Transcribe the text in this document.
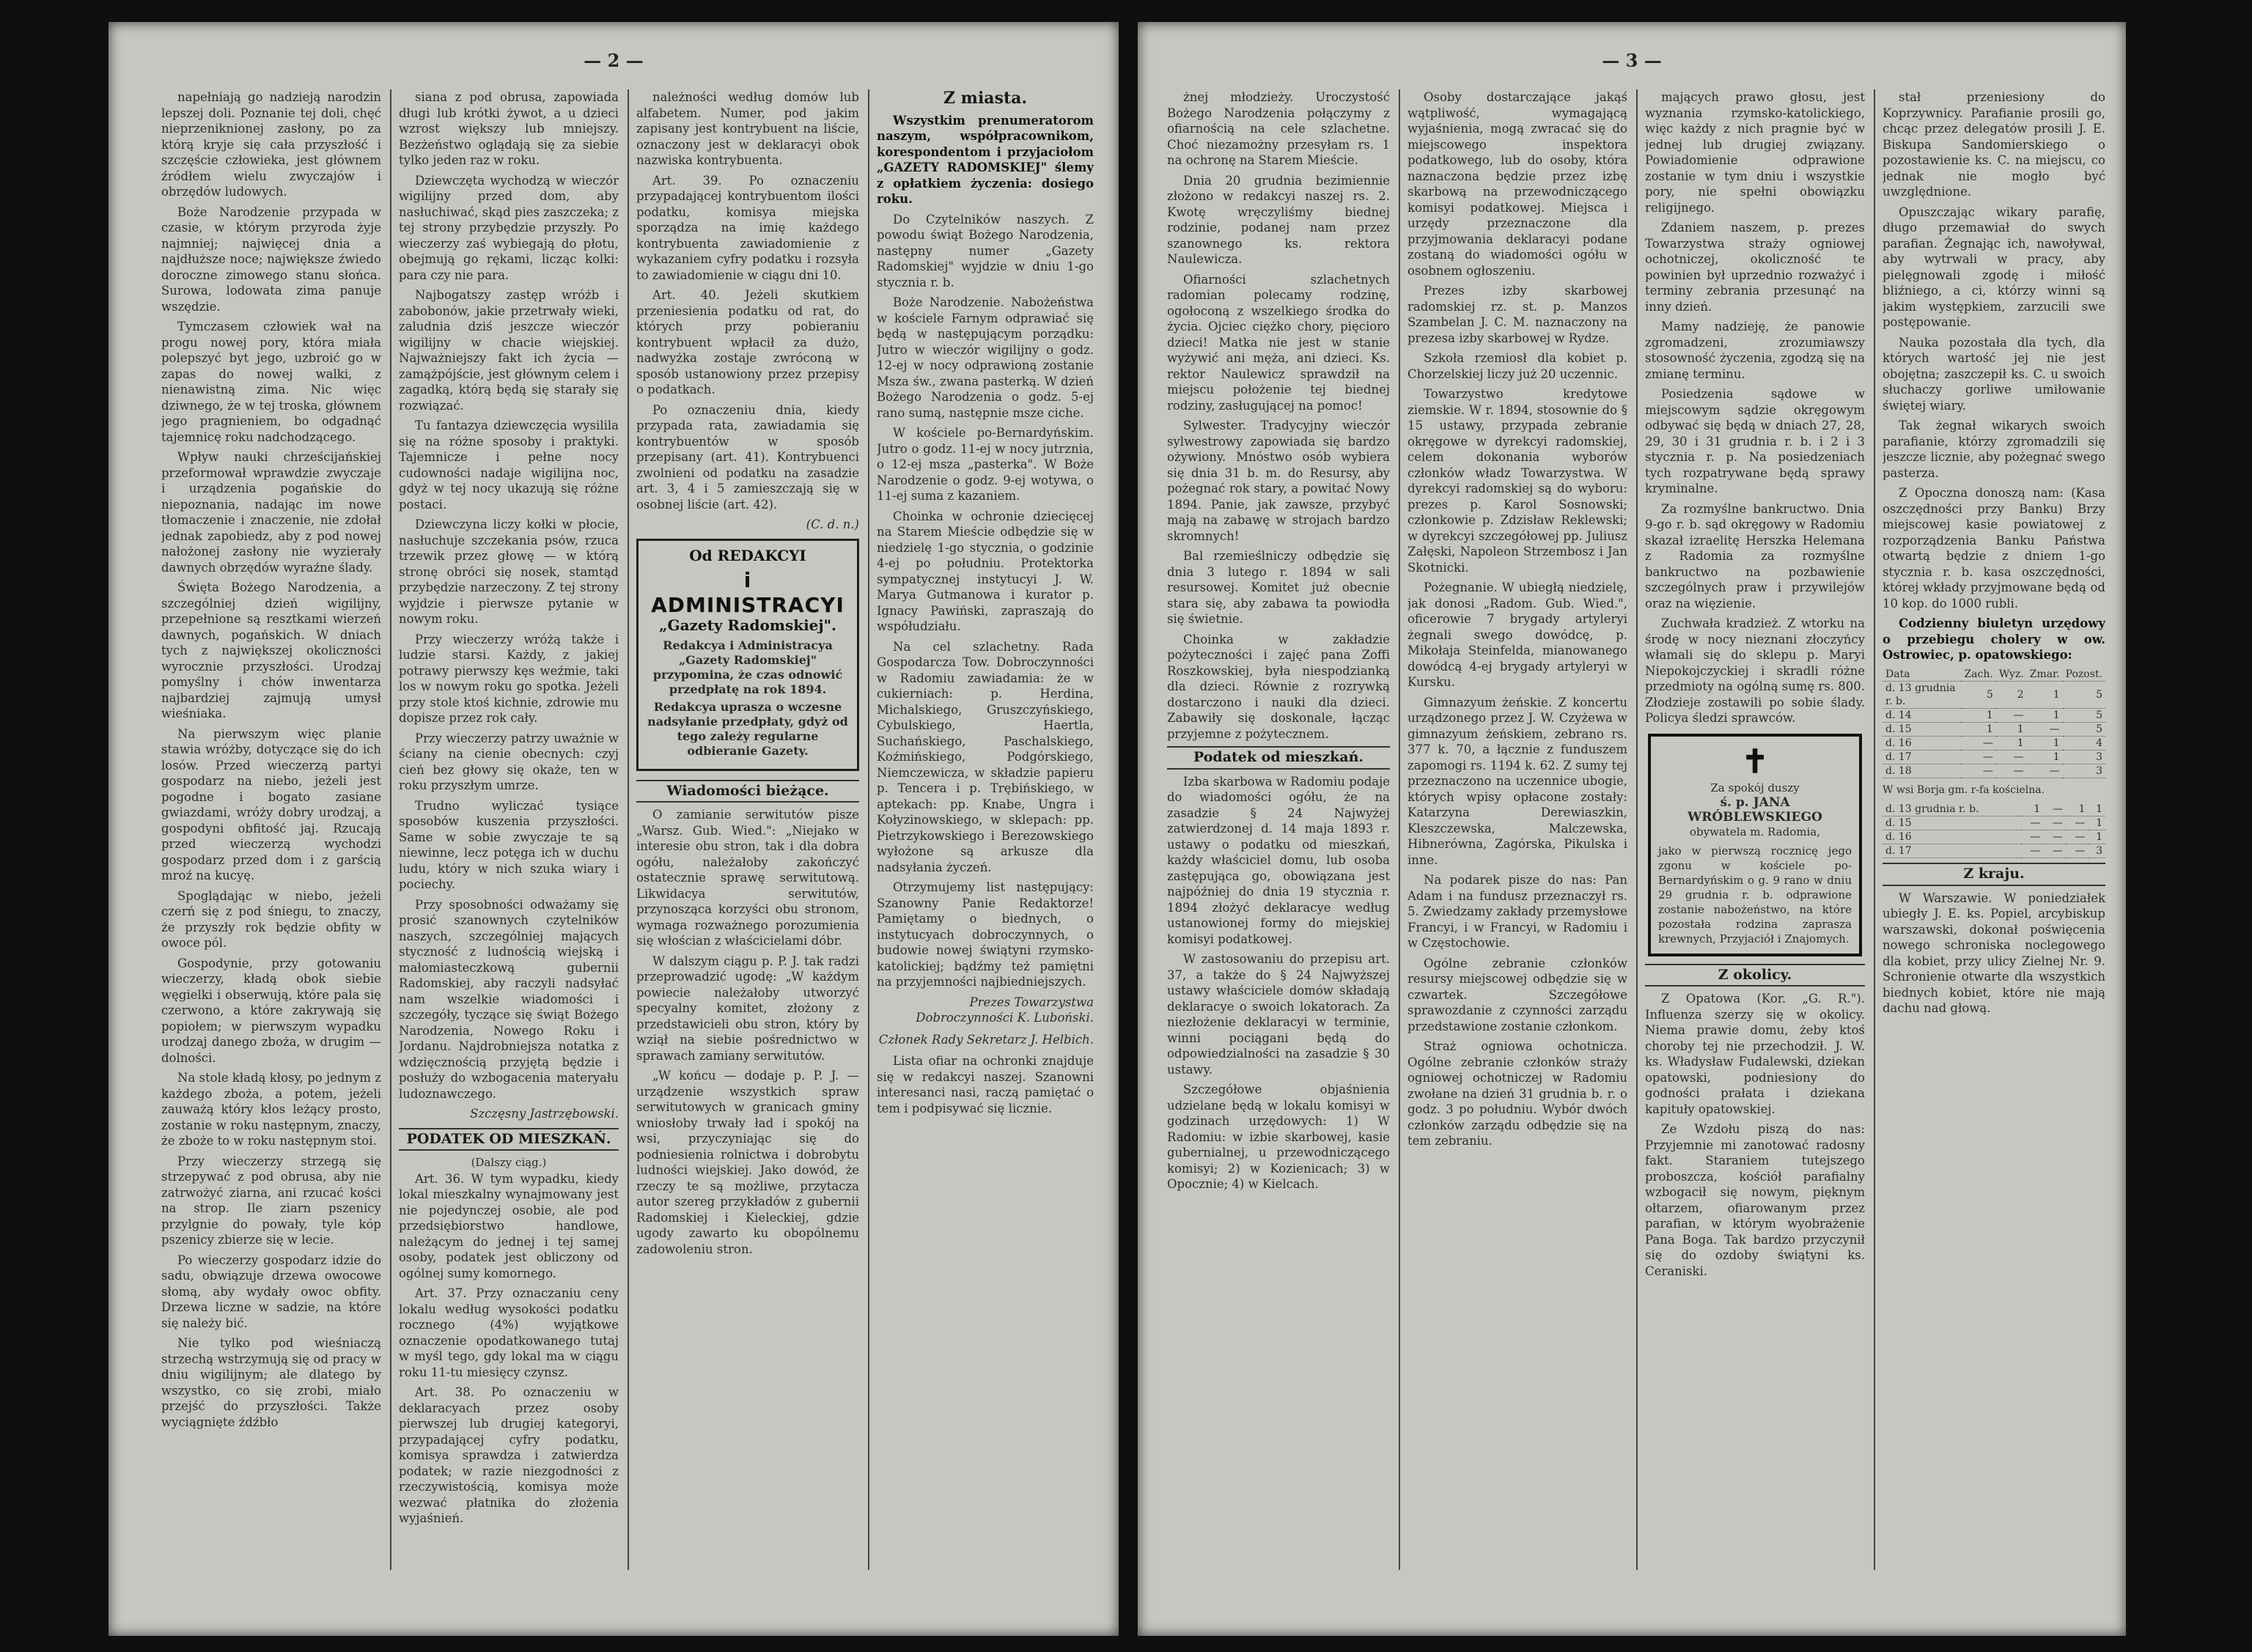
— 2 —

napełniają go nadzieją narodzin lepszej doli. Poznanie tej doli, chęć nieprzeniknionej zasłony, po za którą kryje się cała przyszłość i szczęście człowieka, jest głównem źródłem wielu zwyczajów i obrzędów ludowych.

Boże Narodzenie przypada w czasie, w którym przyroda żyje najmniej; najwięcej dnia a najdłuższe noce; największe źwiedo doroczne zimowego stanu słońca. Surowa, lodowata zima panuje wszędzie.

Tymczasem człowiek wał na progu nowej pory, która miała polepszyć byt jego, uzbroić go w zapas do nowej walki, z nienawistną zima. Nic więc dziwnego, że w tej troska, głównem jego pragnieniem, bo odgadnąć tajemnicę roku nadchodzącego.

Wpływ nauki chrześcijańskiej przeformował wprawdzie zwyczaje i urządzenia pogańskie do niepoznania, nadając im nowe tłomaczenie i znaczenie, nie zdołał jednak zapobiedz, aby z pod nowej nałożonej zasłony nie wyzierały dawnych obrzędów wyraźne ślady.

Święta Bożego Narodzenia, a szczególniej dzień wigilijny, przepełnione są resztkami wierzeń dawnych, pogańskich. W dniach tych z największej okoliczności wyrocznie przyszłości. Urodzaj pomyślny i chów inwentarza najbardziej zajmują umysł wieśniaka.

Na pierwszym więc planie stawia wróżby, dotyczące się do ich losów. Przed wieczerzą partyi gospodarz na niebo, jeżeli jest pogodne i bogato zasiane gwiazdami, wróży dobry urodzaj, a gospodyni obfitość jaj. Rzucają przed wieczerzą wychodzi gospodarz przed dom i z garścią mroź na kucyę.

Spoglądając w niebo, jeżeli czerń się z pod śniegu, to znaczy, że przyszły rok będzie obfity w owoce pól.

Gospodynie, przy gotowaniu wieczerzy, kładą obok siebie węgielki i obserwują, które pala się czerwono, a które zakrywają się popiołem; w pierwszym wypadku urodzaj danego zboża, w drugim — dolności.

Na stole kładą kłosy, po jednym z każdego zboża, a potem, jeżeli zauważą który kłos leżący prosto, zostanie w roku następnym, znaczy, że zboże to w roku następnym stoi.

Przy wieczerzy strzegą się strzepywać z pod obrusa, aby nie zatrwożyć ziarna, ani rzucać kości na strop. Ile ziarn pszenicy przylgnie do powały, tyle kóp pszenicy zbierze się w lecie.

Po wieczerzy gospodarz idzie do sadu, obwiązuje drzewa owocowe słomą, aby wydały owoc obfity. Drzewa liczne w sadzie, na które się należy bić.

Nie tylko pod wieśniaczą strzechą wstrzymują się od pracy w dniu wigilijnym; ale dlatego by wszystko, co się zrobi, miało przejść do przyszłości. Także wyciągnięte źdźbło

siana z pod obrusa, zapowiada długi lub krótki żywot, a u dzieci wzrost większy lub mniejszy. Bezżeństwo oglądają się za siebie tylko jeden raz w roku.

Dziewczęta wychodzą w wieczór wigilijny przed dom, aby nasłuchiwać, skąd pies zaszczeka; z tej strony przybędzie przyszły. Po wieczerzy zaś wybiegają do płotu, obejmują go rękami, licząc kolki: para czy nie para.

Najbogatszy zastęp wróżb i zabobonów, jakie przetrwały wieki, zaludnia dziś jeszcze wieczór wigilijny w chacie wiejskiej. Najważniejszy fakt ich życia — zamążpójście, jest głównym celem i zagadką, którą będą się starały się rozwiązać.

Tu fantazya dziewczęcia wysilila się na różne sposoby i praktyki. Tajemnicze i pełne nocy cudowności nadaje wigilijna noc, gdyż w tej nocy ukazują się różne postaci.

Dziewczyna liczy kołki w płocie, nasłuchuje szczekania psów, rzuca trzewik przez głowę — w którą stronę obróci się nosek, stamtąd przybędzie narzeczony. Z tej strony wyjdzie i pierwsze pytanie w nowym roku.

Przy wieczerzy wróżą także i ludzie starsi. Każdy, z jakiej potrawy pierwszy kęs weźmie, taki los w nowym roku go spotka. Jeżeli przy stole ktoś kichnie, zdrowie mu dopisze przez rok cały.

Przy wieczerzy patrzy uważnie w ściany na cienie obecnych: czyj cień bez głowy się okaże, ten w roku przyszłym umrze.

Trudno wyliczać tysiące sposobów kuszenia przyszłości. Same w sobie zwyczaje te są niewinne, lecz potęga ich w duchu ludu, który w nich szuka wiary i pociechy.

Przy sposobności odważamy się prosić szanownych czytelników naszych, szczególniej mających styczność z ludnością wiejską i małomiasteczkową gubernii Radomskiej, aby raczyli nadsyłać nam wszelkie wiadomości i szczegóły, tyczące się świąt Bożego Narodzenia, Nowego Roku i Jordanu. Najdrobniejsza notatka z wdzięcznością przyjętą będzie i posłuży do wzbogacenia materyału ludoznawczego.

Szczęsny Jastrzębowski.
PODATEK OD MIESZKAŃ.
(Dalszy ciąg.)

Art. 36. W tym wypadku, kiedy lokal mieszkalny wynajmowany jest nie pojedynczej osobie, ale pod przedsiębiorstwo handlowe, należącym do jednej i tej samej osoby, podatek jest obliczony od ogólnej sumy komornego.

Art. 37. Przy oznaczaniu ceny lokalu według wysokości podatku rocznego (4%) wyjątkowe oznaczenie opodatkowanego tutaj w myśl tego, gdy lokal ma w ciągu roku 11-tu miesięcy czynsz.

Art. 38. Po oznaczeniu w deklaracyach przez osoby pierwszej lub drugiej kategoryi, przypadającej cyfry podatku, komisya sprawdza i zatwierdza podatek; w razie niezgodności z rzeczywistością, komisya może wezwać płatnika do złożenia wyjaśnień.

należności według domów lub alfabetem. Numer, pod jakim zapisany jest kontrybuent na liście, oznaczony jest w deklaracyi obok nazwiska kontrybuenta.

Art. 39. Po oznaczeniu przypadającej kontrybuentom ilości podatku, komisya miejska sporządza na imię każdego kontrybuenta zawiadomienie z wykazaniem cyfry podatku i rozsyła to zawiadomienie w ciągu dni 10.

Art. 40. Jeżeli skutkiem przeniesienia podatku od rat, do których przy pobieraniu kontrybuent wpłacił za dużo, nadwyżka zostaje zwróconą w sposób ustanowiony przez przepisy o podatkach.

Po oznaczeniu dnia, kiedy przypada rata, zawiadamia się kontrybuentów w sposób przepisany (art. 41). Kontrybuenci zwolnieni od podatku na zasadzie art. 3, 4 i 5 zamieszczają się w osobnej liście (art. 42).

(C. d. n.)
Od REDAKCYI
i ADMINISTRACYI
„Gazety Radomskiej".

Redakcya i Administracya „Gazety Radomskiej" przypomina, że czas odnowić przedpłatę na rok 1894.

Redakcya uprasza o wczesne nadsyłanie przedpłaty, gdyż od tego zależy regularne odbieranie Gazety.

Wiadomości bieżące.

O zamianie serwitutów pisze „Warsz. Gub. Wied.": „Niejako w interesie obu stron, tak i dla dobra ogółu, należałoby zakończyć ostatecznie sprawę serwitutową. Likwidacya serwitutów, przynosząca korzyści obu stronom, wymaga rozważnego porozumienia się włościan z właścicielami dóbr.

W dalszym ciągu p. P. J. tak radzi przeprowadzić ugodę: „W każdym powiecie należałoby utworzyć specyalny komitet, złożony z przedstawicieli obu stron, który by wziął na siebie pośrednictwo w sprawach zamiany serwitutów.

„W końcu — dodaje p. P. J. — urządzenie wszystkich spraw serwitutowych w granicach gminy wniosłoby trwały ład i spokój na wsi, przyczyniając się do podniesienia rolnictwa i dobrobytu ludności wiejskiej. Jako dowód, że rzeczy te są możliwe, przytacza autor szereg przykładów z gubernii Radomskiej i Kieleckiej, gdzie ugody zawarto ku obopólnemu zadowoleniu stron.

Z miasta.

Wszystkim prenumeratorom naszym, współpracownikom, korespondentom i przyjaciołom „GAZETY RADOMSKIEJ" ślemy z opłatkiem życzenia: dosiego roku.

Do Czytelników naszych. Z powodu świąt Bożego Narodzenia, następny numer „Gazety Radomskiej" wyjdzie w dniu 1-go stycznia r. b.

Boże Narodzenie. Nabożeństwa w kościele Farnym odprawiać się będą w następującym porządku: Jutro w wieczór wigilijny o godz. 12-ej w nocy odprawioną zostanie Msza św., zwana pasterką. W dzień Bożego Narodzenia o godz. 5-ej rano sumą, następnie msze ciche.

W kościele po-Bernardyńskim. Jutro o godz. 11-ej w nocy jutrznia, o 12-ej msza „pasterka". W Boże Narodzenie o godz. 9-ej wotywa, o 11-ej suma z kazaniem.

Choinka w ochronie dziecięcej na Starem Mieście odbędzie się w niedzielę 1-go stycznia, o godzinie 4-ej po południu. Protektorka sympatycznej instytucyi J. W. Marya Gutmanowa i kurator p. Ignacy Pawiński, zapraszają do współudziału.

Na cel szlachetny. Rada Gospodarcza Tow. Dobroczynności w Radomiu zawiadamia: że w cukierniach: p. Herdina, Michalskiego, Gruszczyńskiego, Cybulskiego, Haertla, Suchańskiego, Paschalskiego, Koźmińskiego, Podgórskiego, Niemczewicza, w składzie papieru p. Tencera i p. Trębińskiego, w aptekach: pp. Knabe, Ungra i Kołyzinowskiego, w sklepach: pp. Pietrzykowskiego i Berezowskiego wyłożone są arkusze dla nadsyłania życzeń.

Otrzymujemy list następujący: Szanowny Panie Redaktorze! Pamiętamy o biednych, o instytucyach dobroczynnych, o budowie nowej świątyni rzymsko-katolickiej; bądźmy też pamiętni na przyjemności najbiedniejszych.

Prezes Towarzystwa Dobroczynności K. Luboński.
Członek Rady Sekretarz J. Helbich.

Lista ofiar na ochronki znajduje się w redakcyi naszej. Szanowni interesanci nasi, raczą pamiętać o tem i podpisywać się licznie.

— 3 —

żnej młodzieży. Uroczystość Bożego Narodzenia połączymy z ofiarnością na cele szlachetne. Choć niezamożny przesyłam rs. 1 na ochronę na Starem Mieście.

Dnia 20 grudnia bezimiennie złożono w redakcyi naszej rs. 2. Kwotę wręczyliśmy biednej rodzinie, podanej nam przez szanownego ks. rektora Naulewicza.

Ofiarności szlachetnych radomian polecamy rodzinę, ogołoconą z wszelkiego środka do życia. Ojciec ciężko chory, pięcioro dzieci! Matka nie jest w stanie wyżywić ani męża, ani dzieci. Ks. rektor Naulewicz sprawdził na miejscu położenie tej biednej rodziny, zasługującej na pomoc!

Sylwester. Tradycyjny wieczór sylwestrowy zapowiada się bardzo ożywiony. Mnóstwo osób wybiera się dnia 31 b. m. do Resursy, aby pożegnać rok stary, a powitać Nowy 1894. Panie, jak zawsze, przybyć mają na zabawę w strojach bardzo skromnych!

Bal rzemieślniczy odbędzie się dnia 3 lutego r. 1894 w sali resursowej. Komitet już obecnie stara się, aby zabawa ta powiodła się świetnie.

Choinka w zakładzie pożyteczności i zajęć pana Zoffi Roszkowskiej, była niespodzianką dla dzieci. Równie z rozrywką dostarczono i nauki dla dzieci. Zabawiły się doskonale, łącząc przyjemne z pożytecznem.

Podatek od mieszkań.

Izba skarbowa w Radomiu podaje do wiadomości ogółu, że na zasadzie § 24 Najwyżej zatwierdzonej d. 14 maja 1893 r. ustawy o podatku od mieszkań, każdy właściciel domu, lub osoba zastępująca go, obowiązana jest najpóźniej do dnia 19 stycznia r. 1894 złożyć deklaracye według ustanowionej formy do miejskiej komisyi podatkowej.

W zastosowaniu do przepisu art. 37, a także do § 24 Najwyższej ustawy właściciele domów składają deklaracye o swoich lokatorach. Za niezłożenie deklaracyi w terminie, winni pociągani będą do odpowiedzialności na zasadzie § 30 ustawy.

Szczegółowe objaśnienia udzielane będą w lokalu komisyi w godzinach urzędowych: 1) W Radomiu: w izbie skarbowej, kasie gubernialnej, u przewodniczącego komisyi; 2) w Kozienicach; 3) w Opocznie; 4) w Kielcach.

Osoby dostarczające jakąś wątpliwość, wymagającą wyjaśnienia, mogą zwracać się do miejscowego inspektora podatkowego, lub do osoby, która naznaczona będzie przez izbę skarbową na przewodniczącego komisyi podatkowej. Miejsca i urzędy przeznaczone dla przyjmowania deklaracyi podane zostaną do wiadomości ogółu w osobnem ogłoszeniu.

Prezes izby skarbowej radomskiej rz. st. p. Manzos Szambelan J. C. M. naznaczony na prezesa izby skarbowej w Rydze.

Szkoła rzemiosł dla kobiet p. Chorzelskiej liczy już 20 uczennic.

Towarzystwo kredytowe ziemskie. W r. 1894, stosownie do § 15 ustawy, przypada zebranie okręgowe w dyrekcyi radomskiej, celem dokonania wyborów członków władz Towarzystwa. W dyrekcyi radomskiej są do wyboru: prezes p. Karol Sosnowski; członkowie p. Zdzisław Reklewski; w dyrekcyi szczegółowej pp. Juliusz Załęski, Napoleon Strzembosz i Jan Skotnicki.

Pożegnanie. W ubiegłą niedzielę, jak donosi „Radom. Gub. Wied.", oficerowie 7 brygady artyleryi żegnali swego dowódcę, p. Mikołaja Steinfelda, mianowanego dowódcą 4-ej brygady artyleryi w Kursku.

Gimnazyum żeńskie. Z koncertu urządzonego przez J. W. Czyżewa w gimnazyum żeńskiem, zebrano rs. 377 k. 70, a łącznie z funduszem zapomogi rs. 1194 k. 62. Z sumy tej przeznaczono na uczennice ubogie, których wpisy opłacone zostały: Katarzyna Derewiaszkin, Kleszczewska, Malczewska, Hibnerówna, Zagórska, Pikulska i inne.

Na podarek pisze do nas: Pan Adam i na fundusz przeznaczył rs. 5. Zwiedzamy zakłady przemysłowe Francyi, i w Francyi, w Radomiu i w Częstochowie.

Ogólne zebranie członków resursy miejscowej odbędzie się w czwartek. Szczegółowe sprawozdanie z czynności zarządu przedstawione zostanie członkom.

Straż ogniowa ochotnicza. Ogólne zebranie członków straży ogniowej ochotniczej w Radomiu zwołane na dzień 31 grudnia b. r. o godz. 3 po południu. Wybór dwóch członków zarządu odbędzie się na tem zebraniu.

mających prawo głosu, jest wyznania rzymsko-katolickiego, więc każdy z nich pragnie być w jednej lub drugiej związany. Powiadomienie odprawione zostanie w tym dniu i wszystkie pory, nie spełni obowiązku religijnego.

Zdaniem naszem, p. prezes Towarzystwa straży ogniowej ochotniczej, okoliczność te powinien był uprzednio rozważyć i terminy zebrania przesunąć na inny dzień.

Mamy nadzieję, że panowie zgromadzeni, zrozumiawszy stosowność życzenia, zgodzą się na zmianę terminu.

Posiedzenia sądowe w miejscowym sądzie okręgowym odbywać się będą w dniach 27, 28, 29, 30 i 31 grudnia r. b. i 2 i 3 stycznia r. p. Na posiedzeniach tych rozpatrywane będą sprawy kryminalne.

Za rozmyślne bankructwo. Dnia 9-go r. b. sąd okręgowy w Radomiu skazał izraelitę Herszka Helemana z Radomia za rozmyślne bankructwo na pozbawienie szczególnych praw i przywilejów oraz na więzienie.

Zuchwała kradzież. Z wtorku na środę w nocy nieznani złoczyńcy włamali się do sklepu p. Maryi Niepokojczyckiej i skradli różne przedmioty na ogólną sumę rs. 800. Złodzieje zostawili po sobie ślady. Policya śledzi sprawców.

✝
Za spokój duszy
ś. p. JANA WRÓBLEWSKIEGO
obywatela m. Radomia,
jako w pierwszą rocznicę jego zgonu w kościele po-Bernardyńskim o g. 9 rano w dniu 29 grudnia r. b. odprawione zostanie nabożeństwo, na które pozostała rodzina zaprasza krewnych, Przyjaciół i Znajomych.
Z okolicy.

Z Opatowa (Kor. „G. R."). Influenza szerzy się w okolicy. Niema prawie domu, żeby ktoś choroby tej nie przechodził. J. W. ks. Władysław Fudalewski, dziekan opatowski, podniesiony do godności prałata i dziekana kapituły opatowskiej.

Ze Wzdołu piszą do nas: Przyjemnie mi zanotować radosny fakt. Staraniem tutejszego proboszcza, kościół parafialny wzbogacił się nowym, pięknym ołtarzem, ofiarowanym przez parafian, w którym wyobrażenie Pana Boga. Tak bardzo przyczynił się do ozdoby świątyni ks. Ceraniski.

stał przeniesiony do Koprzywnicy. Parafianie prosili go, chcąc przez delegatów prosili J. E. Biskupa Sandomierskiego o pozostawienie ks. C. na miejscu, co jednak nie mogło być uwzględnione.

Opuszczając wikary parafię, długo przemawiał do swych parafian. Żegnając ich, nawoływał, aby wytrwali w pracy, aby pielęgnowali zgodę i miłość bliźniego, a ci, którzy winni są jakim występkiem, zarzucili swe postępowanie.

Nauka pozostała dla tych, dla których wartość jej nie jest obojętna; zaszczepił ks. C. u swoich słuchaczy gorliwe umiłowanie świętej wiary.

Tak żegnał wikarych swoich parafianie, którzy zgromadzili się jeszcze licznie, aby pożegnać swego pasterza.

Z Opoczna donoszą nam: (Kasa oszczędności przy Banku) Brzy miejscowej kasie powiatowej z rozporządzenia Banku Państwa otwartą będzie z dniem 1-go stycznia r. b. kasa oszczędności, której wkłady przyjmowane będą od 10 kop. do 1000 rubli.

Codzienny biuletyn urzędowy o przebiegu cholery w ow. Ostrowiec, p. opatowskiego:

Data	Zach.	Wyz.	Zmar.	Pozost.
d. 13 grudnia r. b.	5	2	1	5
d. 14	1	—	1	5
d. 15	1	1	—	5
d. 16	—	1	1	4
d. 17	—	—	1	3
d. 18	—	—	—	3
W wsi Borja gm. r-fa kościelna.
d. 13 grudnia r. b.	1	—	1	1
d. 15	—	—	—	1
d. 16	—	—	—	1
d. 17	—	—	—	3
Z kraju.

W Warszawie. W poniedziałek ubiegły J. E. ks. Popiel, arcybiskup warszawski, dokonał poświęcenia nowego schroniska noclegowego dla kobiet, przy ulicy Zielnej Nr. 9. Schronienie otwarte dla wszystkich biednych kobiet, które nie mają dachu nad głową.
